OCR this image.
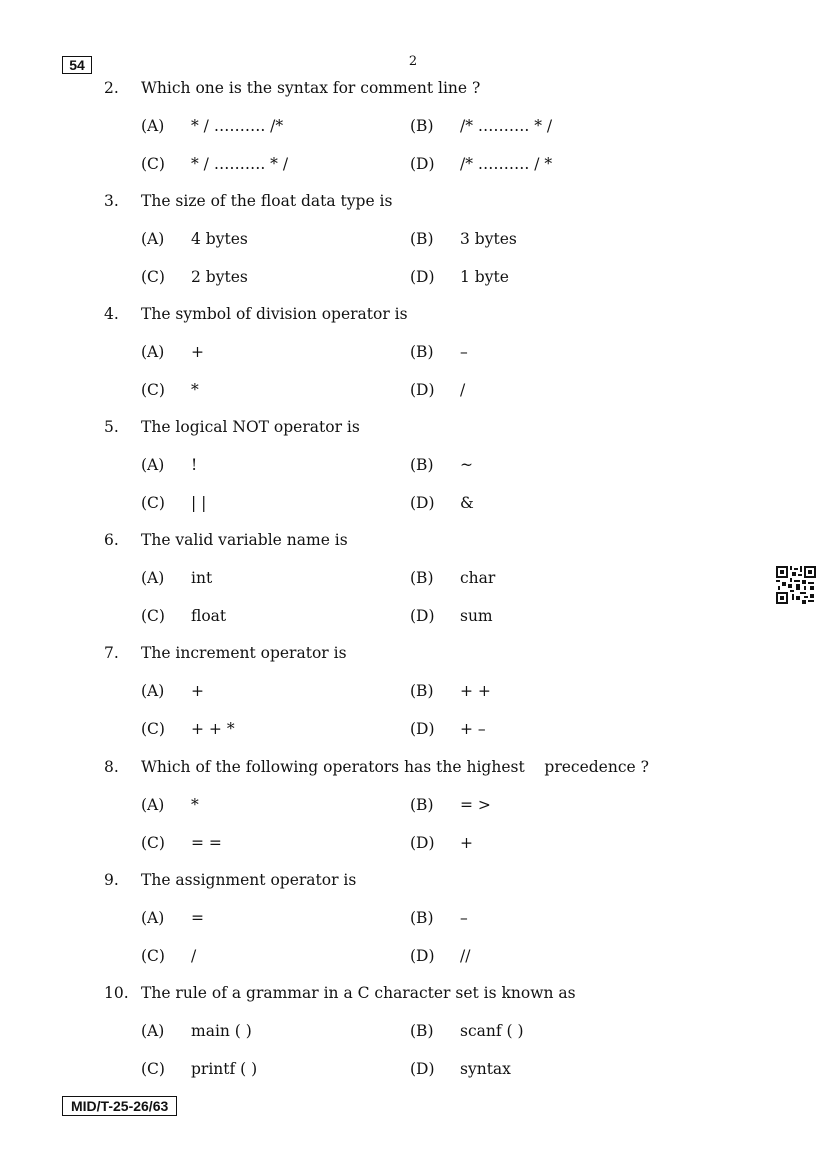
54	2
2.	Which one is the syntax for comment line ?
(A) * / ………. /*	(B) /* ………. * /
(C) * / ………. * /	(D) /* ………. / *
3.	The size of the float data type is
(A) 4 bytes	(B) 3 bytes
(C) 2 bytes	(D) 1 byte
4.	The symbol of division operator is
(A) +	(B) –
(C) *	(D) /
5.	The logical NOT operator is
(A) !	(B) ~
(C) | |	(D) &
6.	The valid variable name is
(A) int	(B) char
(C) float	(D) sum
7.	The increment operator is
(A) +	(B) + +
(C) + + *	(D) + –
8.	Which of the following operators has the highest    precedence ?
(A) *	(B) = >
(C) = =	(D) +
9.	The assignment operator is
(A) =	(B) –
(C) /	(D) //
10. The rule of a grammar in a C character set is known as
(A) main ( )	(B) scanf ( )
(C) printf ( )	(D) syntax
MID/T-25-26/63
